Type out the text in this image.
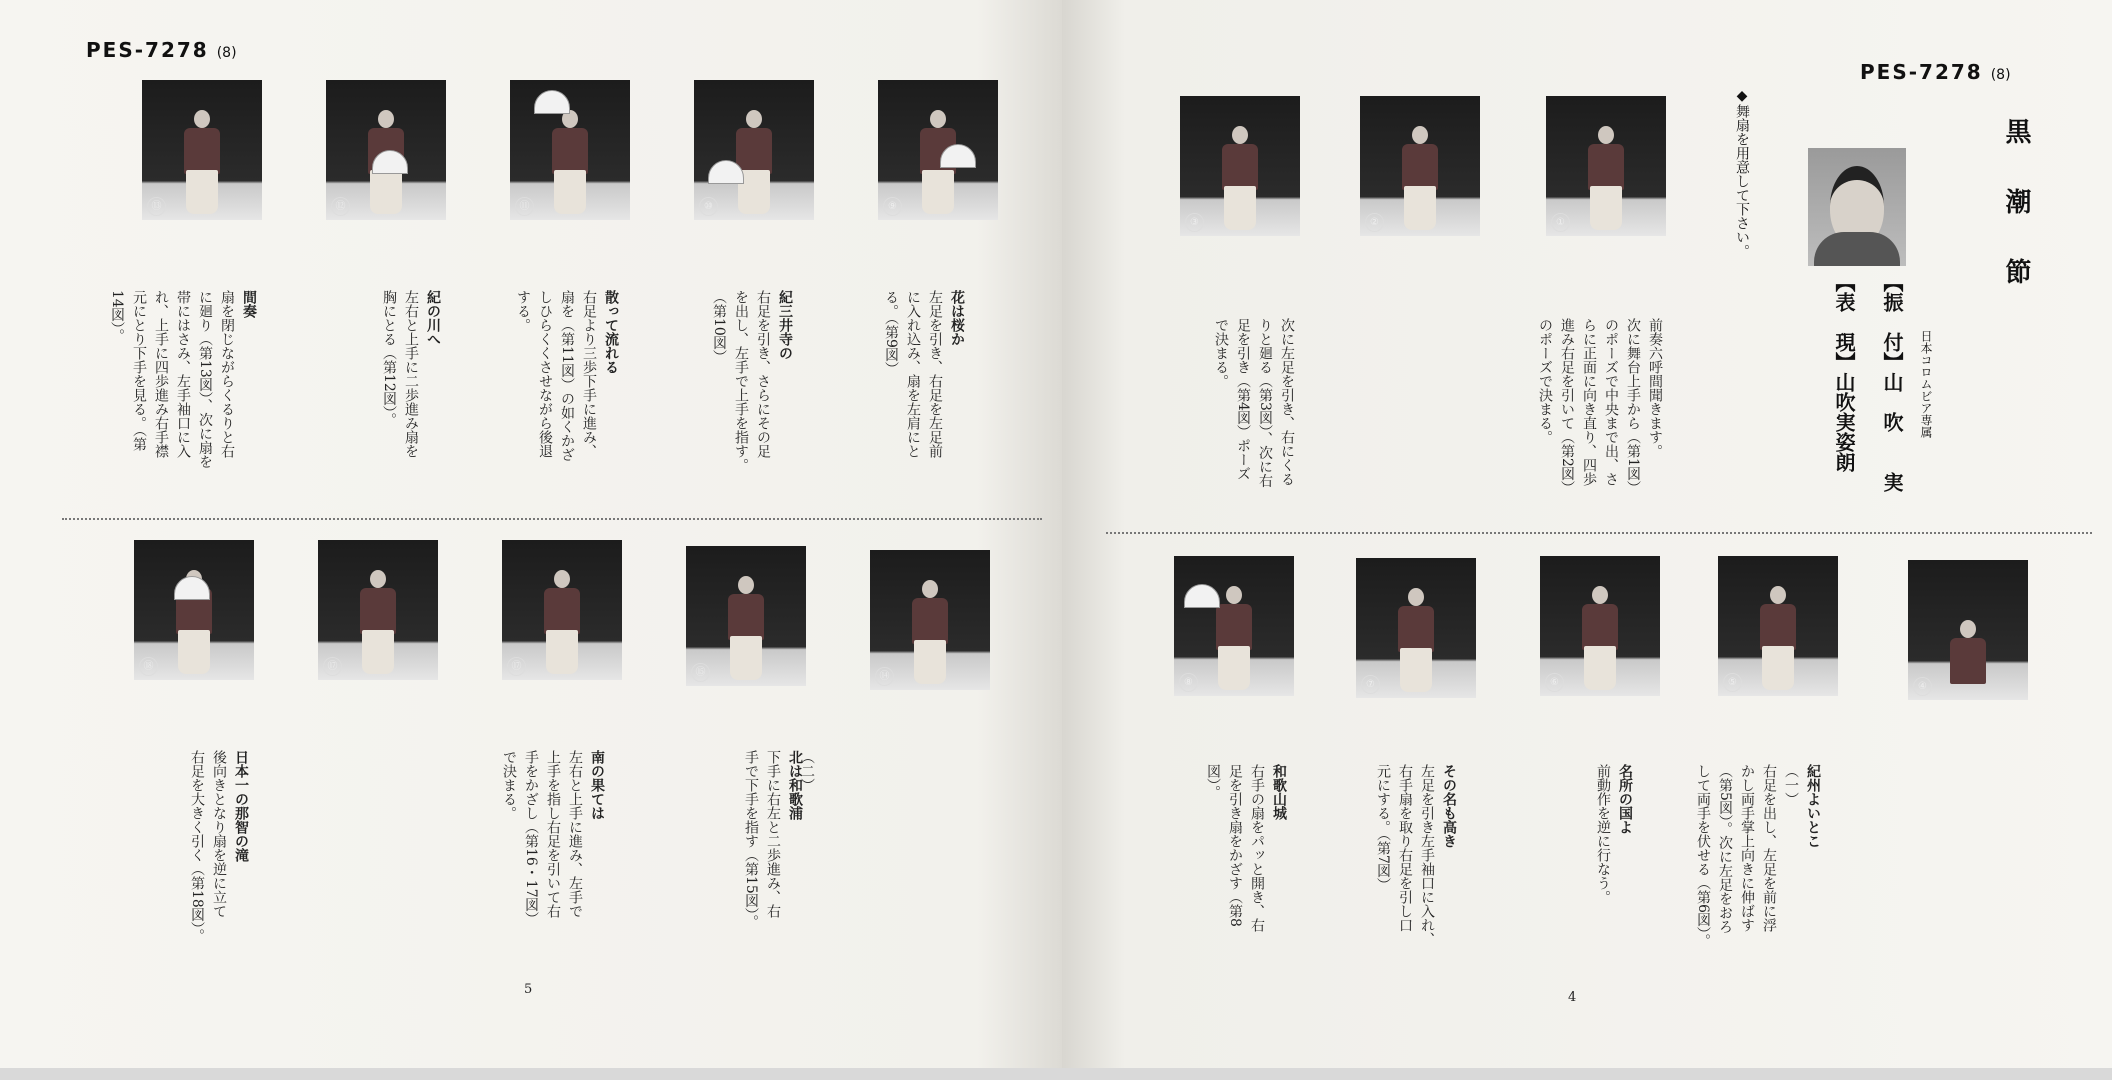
PES-7278 (8)
⑬	⑫	⑪	⑩	⑨
花は桜か
左足を引き、右足を左足前
に入れ込み、扇を左肩にと
る。（第9図）
紀三井寺の
右足を引き、さらにその足
を出し、左手で上手を指す。
（第10図）
散って流れる
右足より三歩下手に進み、
扇を（第11図）の如くかざ
しひらくくさせながら後退
する。
紀の川へ
左右と上手に二歩進み扇を
胸にとる（第12図）。
間奏
扇を閉じながらくるりと右
に廻り（第13図）、次に扇を
帯にはさみ、左手袖口に入
れ、上手に四歩進み右手襟
元にとり下手を見る。（第
14図）。
⑱	⑰	⑰
⑮	⑭
（二）
北は和歌浦
下手に右左と二歩進み、右
手で下手を指す（第15図）。
南の果ては
左右と上手に進み、左手で
上手を指し右足を引いて右
手をかざし（第16・17図）
で決まる。
日本一の那智の滝
後向きとなり扇を逆に立て
右足を大きく引く（第18図）。
5
PES-7278 (8)
黒潮節
日本コロムビア専属
【振　付】山　吹　　実
【表　現】山吹実姿朗
◆舞扇を用意して下さい。
③	②	①
前奏六呼間聞きます。
次に舞台上手から（第1図）
のポーズで中央まで出、さ
らに正面に向き直り、四歩
進み右足を引いて（第2図）
のポーズで決まる。
次に左足を引き、右にくる
りと廻る（第3図）、次に右
足を引き（第4図）ポーズ
で決まる。
⑧	⑦	⑥	⑤	④
紀州よいとこ
（一）
右足を出し、左足を前に浮
かし両手掌上向きに伸ばす
（第5図）。次に左足をおろ
して両手を伏せる（第6図）。
名所の国よ
前動作を逆に行なう。
その名も高き
左足を引き左手袖口に入れ、
右手扇を取り右足を引し口
元にする。（第7図）
和歌山城
右手の扇をパッと開き、右
足を引き扇をかざす（第8
図）。
4
